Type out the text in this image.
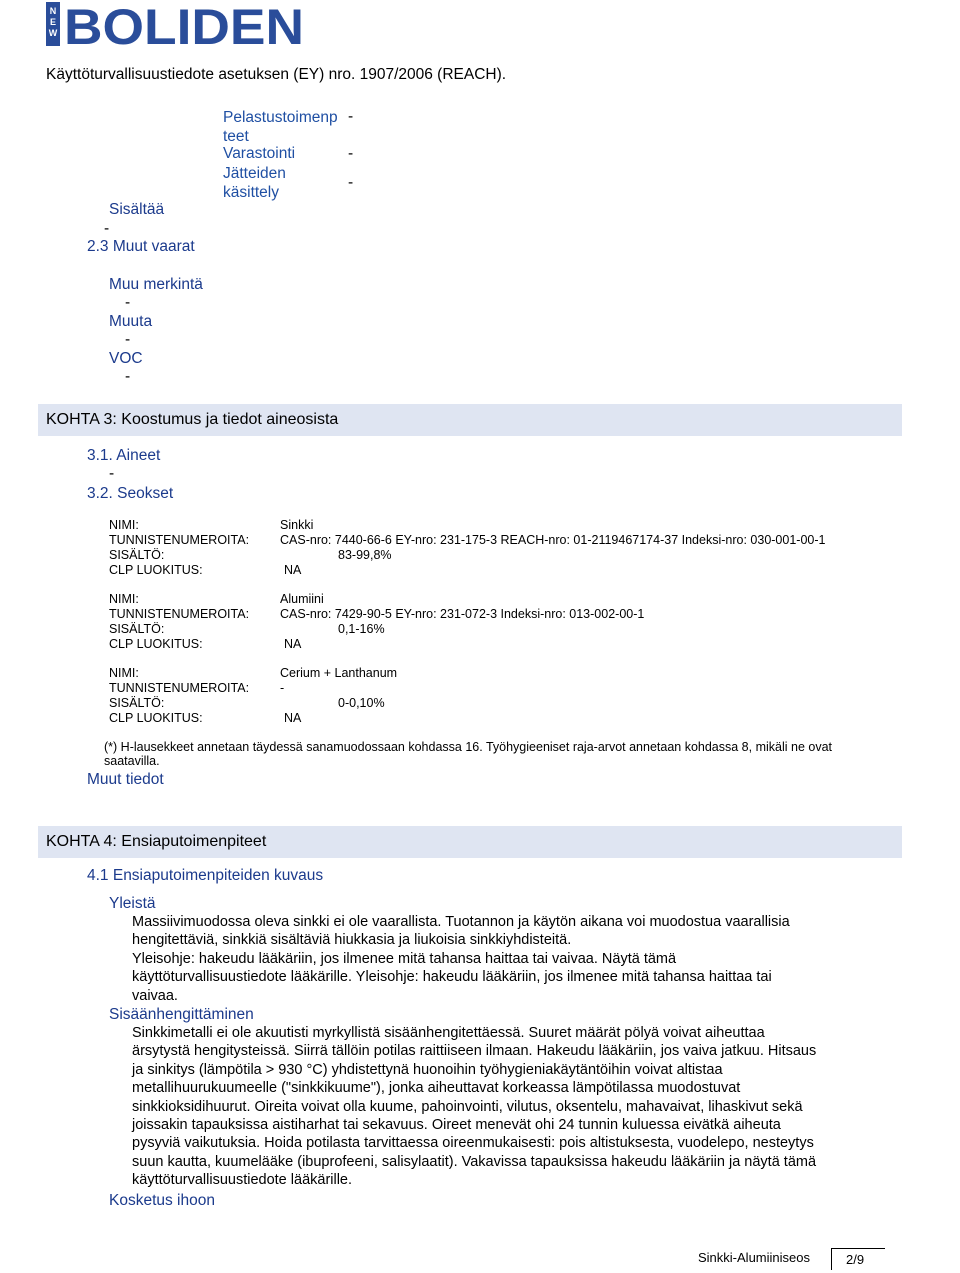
N
E
W BOLIDEN
Käyttöturvallisuustiedote asetuksen (EY) nro. 1907/2006 (REACH).
Pelastustoimenp
teet
-
Varastointi	-
Jätteiden
käsittely
-
Sisältää
-
2.3 Muut vaarat
Muu merkintä
-
Muuta
-
VOC
-
KOHTA 3: Koostumus ja tiedot aineosista
3.1. Aineet
-
3.2. Seokset
NIMI:	Sinkki
TUNNISTENUMEROITA: CAS-nro: 7440-66-6 EY-nro: 231-175-3 REACH-nro: 01-2119467174-37 Indeksi-nro: 030-001-00-1
SISÄLTÖ:	83-99,8%
CLP LUOKITUS:	NA
NIMI:	Alumiini
TUNNISTENUMEROITA: CAS-nro: 7429-90-5 EY-nro: 231-072-3 Indeksi-nro: 013-002-00-1
SISÄLTÖ:	0,1-16%
CLP LUOKITUS:	NA
NIMI:	Cerium + Lanthanum
TUNNISTENUMEROITA: -
SISÄLTÖ:	0-0,10%
CLP LUOKITUS:	NA
(*) H-lausekkeet annetaan täydessä sanamuodossaan kohdassa 16. Työhygieeniset raja-arvot annetaan kohdassa 8, mikäli ne ovat
saatavilla.
Muut tiedot
KOHTA 4: Ensiaputoimenpiteet
4.1 Ensiaputoimenpiteiden kuvaus
Yleistä
Massiivimuodossa oleva sinkki ei ole vaarallista. Tuotannon ja käytön aikana voi muodostua vaarallisia
hengitettäviä, sinkkiä sisältäviä hiukkasia ja liukoisia sinkkiyhdisteitä.
Yleisohje: hakeudu lääkäriin, jos ilmenee mitä tahansa haittaa tai vaivaa. Näytä tämä
käyttöturvallisuustiedote lääkärille. Yleisohje: hakeudu lääkäriin, jos ilmenee mitä tahansa haittaa tai
vaivaa.
Sisäänhengittäminen
Sinkkimetalli ei ole akuutisti myrkyllistä sisäänhengitettäessä. Suuret määrät pölyä voivat aiheuttaa
ärsytystä hengitysteissä. Siirrä tällöin potilas raittiiseen ilmaan. Hakeudu lääkäriin, jos vaiva jatkuu. Hitsaus
ja sinkitys (lämpötila > 930 °C) yhdistettynä huonoihin työhygieniakäytäntöihin voivat altistaa
metallihuurukuumeelle ("sinkkikuume"), jonka aiheuttavat korkeassa lämpötilassa muodostuvat
sinkkioksidihuurut. Oireita voivat olla kuume, pahoinvointi, vilutus, oksentelu, mahavaivat, lihaskivut sekä
joissakin tapauksissa aistiharhat tai sekavuus. Oireet menevät ohi 24 tunnin kuluessa eivätkä aiheuta
pysyviä vaikutuksia. Hoida potilasta tarvittaessa oireenmukaisesti: pois altistuksesta, vuodelepo, nesteytys
suun kautta, kuumelääke (ibuprofeeni, salisylaatit). Vakavissa tapauksissa hakeudu lääkäriin ja näytä tämä
käyttöturvallisuustiedote lääkärille.
Kosketus ihoon
Sinkki-Alumiiniseos	2/9
